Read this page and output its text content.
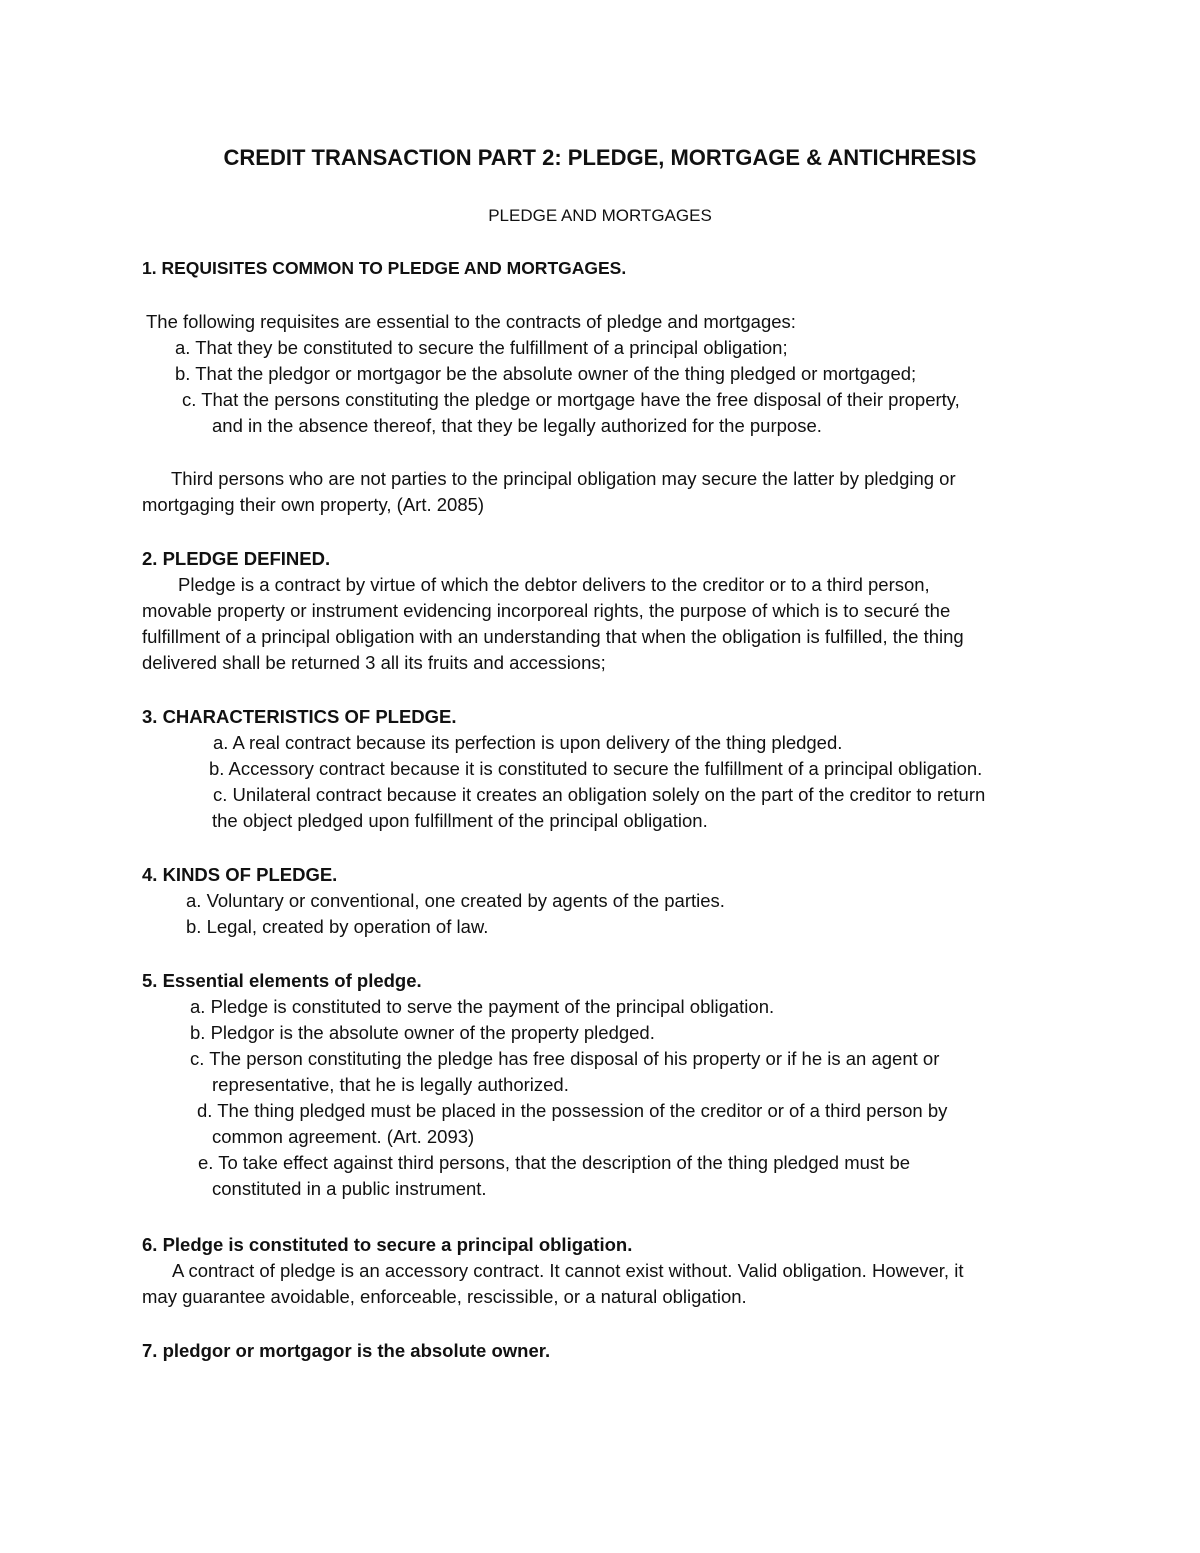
CREDIT TRANSACTION PART 2: PLEDGE, MORTGAGE & ANTICHRESIS
PLEDGE AND MORTGAGES
1. REQUISITES COMMON TO PLEDGE AND MORTGAGES.
The following requisites are essential to the contracts of pledge and mortgages:
a. That they be constituted to secure the fulfillment of a principal obligation;
b. That the pledgor or mortgagor be the absolute owner of the thing pledged or mortgaged;
c. That the persons constituting the pledge or mortgage have the free disposal of their property,
and in the absence thereof, that they be legally authorized for the purpose.
Third persons who are not parties to the principal obligation may secure the latter by pledging or
mortgaging their own property, (Art. 2085)
2. PLEDGE DEFINED.
Pledge is a contract by virtue of which the debtor delivers to the creditor or to a third person,
movable property or instrument evidencing incorporeal rights, the purpose of which is to securé the
fulfillment of a principal obligation with an understanding that when the obligation is fulfilled, the thing
delivered shall be returned 3 all its fruits and accessions;
3. CHARACTERISTICS OF PLEDGE.
a. A real contract because its perfection is upon delivery of the thing pledged.
b. Accessory contract because it is constituted to secure the fulfillment of a principal obligation.
c. Unilateral contract because it creates an obligation solely on the part of the creditor to return
the object pledged upon fulfillment of the principal obligation.
4. KINDS OF PLEDGE.
a. Voluntary or conventional, one created by agents of the parties.
b. Legal, created by operation of law.
5. Essential elements of pledge.
a. Pledge is constituted to serve the payment of the principal obligation.
b. Pledgor is the absolute owner of the property pledged.
c. The person constituting the pledge has free disposal of his property or if he is an agent or
representative, that he is legally authorized.
d. The thing pledged must be placed in the possession of the creditor or of a third person by
common agreement. (Art. 2093)
e. To take effect against third persons, that the description of the thing pledged must be
constituted in a public instrument.
6. Pledge is constituted to secure a principal obligation.
A contract of pledge is an accessory contract. It cannot exist without. Valid obligation. However, it
may guarantee avoidable, enforceable, rescissible, or a natural obligation.
7. pledgor or mortgagor is the absolute owner.
